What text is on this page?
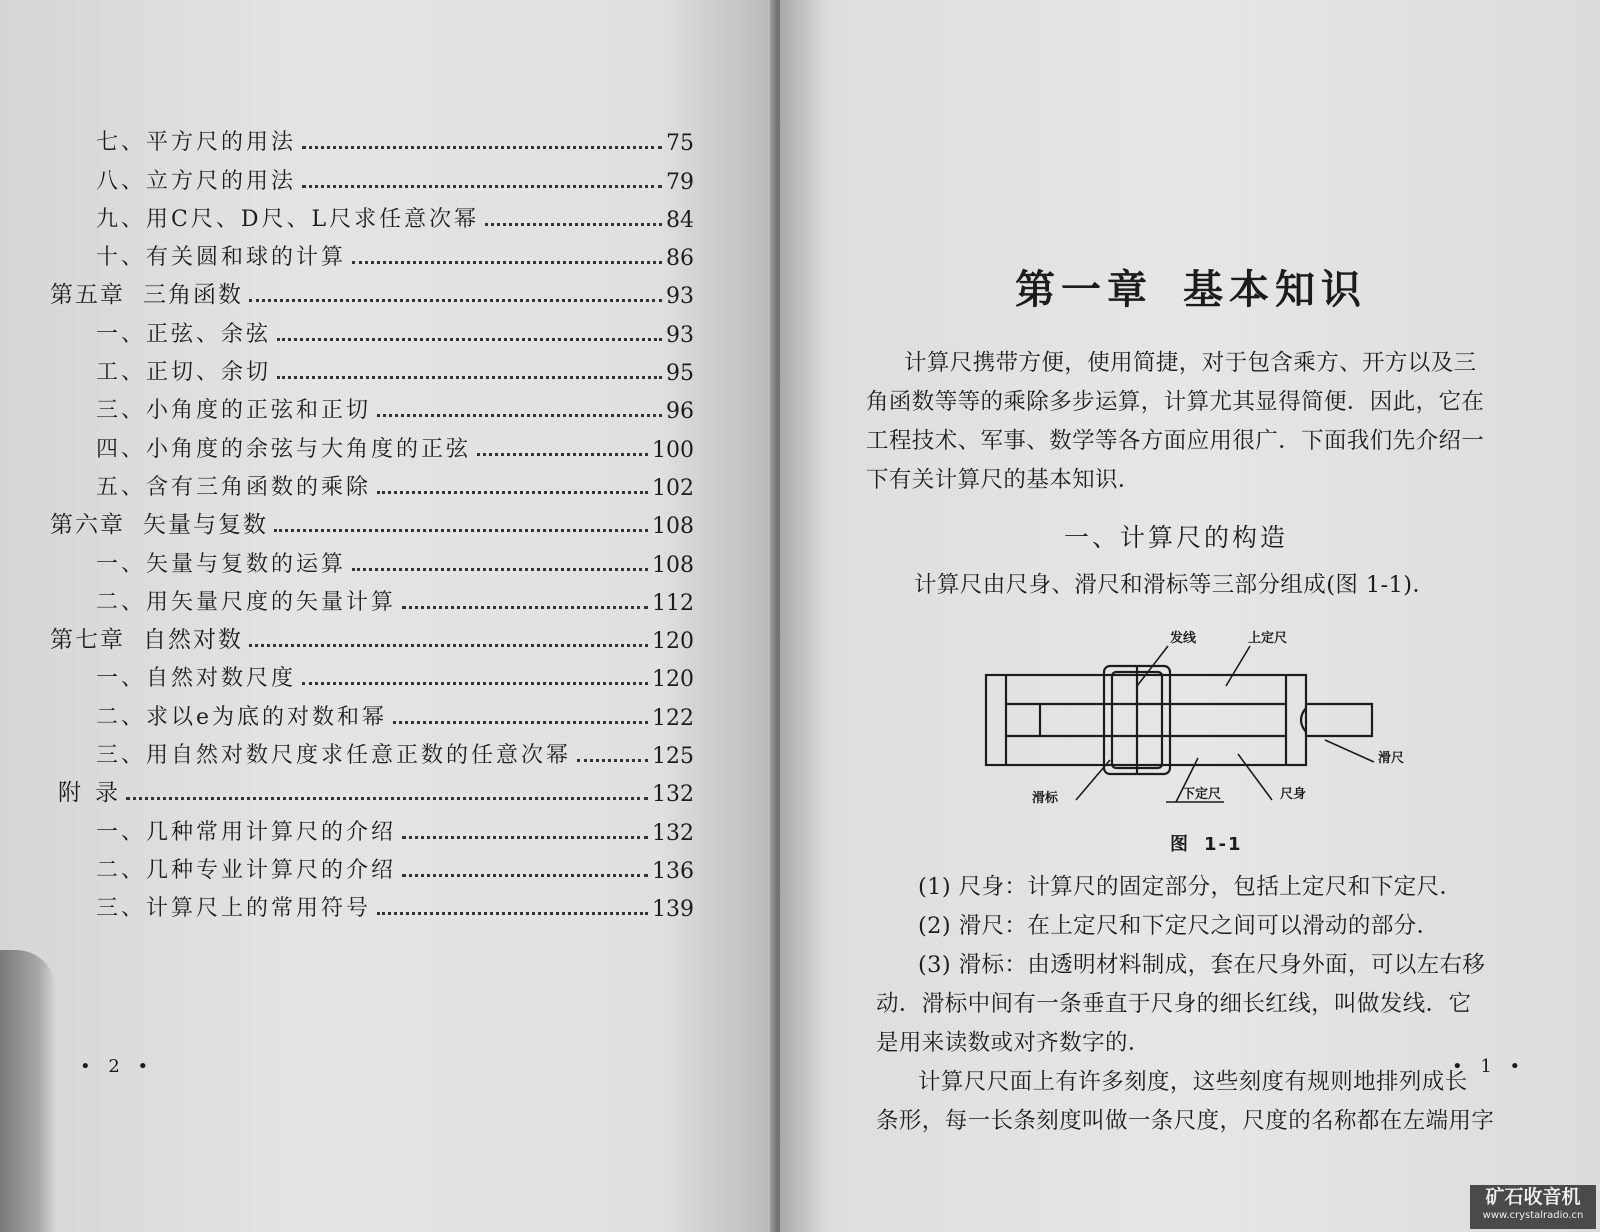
七、平方尺的用法	75
八、立方尺的用法	79
九、用C尺、D尺、L尺求任意次幂	84
十、有关圆和球的计算	86
第五章 三角函数	93
一、正弦、余弦	93
工、正切、余切	95
三、小角度的正弦和正切	96
四、小角度的余弦与大角度的正弦	100
五、含有三角函数的乘除	102
第六章 矢量与复数	108
一、矢量与复数的运算	108
二、用矢量尺度的矢量计算	112
第七章 自然对数	120
一、自然对数尺度	120
二、求以e为底的对数和幂	122
三、用自然对数尺度求任意正数的任意次幂	125
附 录	132
一、几种常用计算尺的介绍	132
二、几种专业计算尺的介绍	136
三、计算尺上的常用符号	139
• 2 •
第一章 基本知识
计算尺携带方便，使用简捷，对于包含乘方、开方以及三
角函数等等的乘除多步运算，计算尤其显得简便．因此，它在
工程技术、军事、数学等各方面应用很广．下面我们先介绍一
下有关计算尺的基本知识．
一、计算尺的构造
计算尺由尺身、滑尺和滑标等三部分组成(图 1-1)．
发线	上定尺
滑尺
滑标	下定尺	尺身
图 1-1
(1) 尺身：计算尺的固定部分，包括上定尺和下定尺．
(2) 滑尺：在上定尺和下定尺之间可以滑动的部分．
(3) 滑标：由透明材料制成，套在尺身外面，可以左右移
动．滑标中间有一条垂直于尺身的细长红线，叫做发线．它
是用来读数或对齐数字的．
计算尺尺面上有许多刻度，这些刻度有规则地排列成长
条形，每一长条刻度叫做一条尺度，尺度的名称都在左端用字
• 1 •
矿石收音机
www.crystalradio.cn
